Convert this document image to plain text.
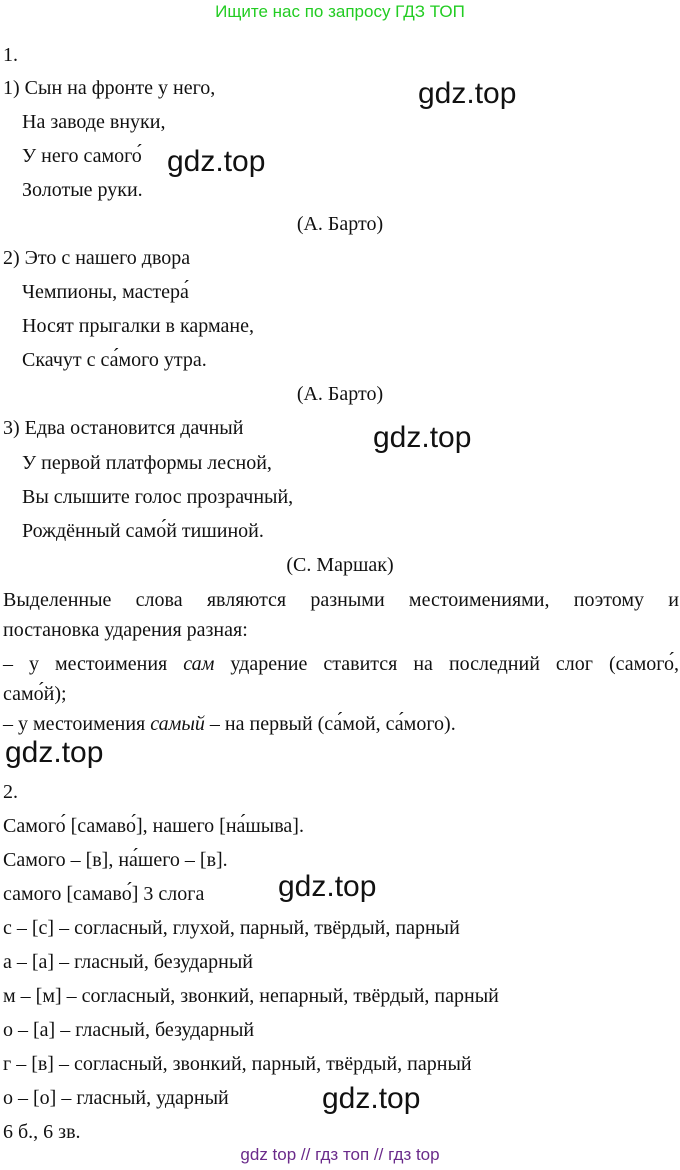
Ищите нас по запросу ГДЗ ТОП
1.
1) Сын на фронте у него,
На заводе внуки,
У него самого́
Золотые руки.
(А. Барто)
2) Это с нашего двора
Чемпионы, мастера́
Носят прыгалки в кармане,
Скачут с са́мого утра.
(А. Барто)
3) Едва остановится дачный
У первой платформы лесной,
Вы слышите голос прозрачный,
Рождённый само́й тишиной.
(С. Маршак)
Выделенные слова являются разными местоимениями, поэтому и
постановка ударения разная:
– у местоимения сам ударение ставится на последний слог (самого́,
само́й);
– у местоимения самый – на первый (са́мой, са́мого).
2.
Самого́ [самаво́], нашего [на́шыва].
Самого – [в], на́шего – [в].
самого [самаво́] 3 слога
с – [с] – согласный, глухой, парный, твёрдый, парный
а – [а] – гласный, безударный
м – [м] – согласный, звонкий, непарный, твёрдый, парный
о – [а] – гласный, безударный
г – [в] – согласный, звонкий, парный, твёрдый, парный
о – [о] – гласный, ударный
6 б., 6 зв.
gdz.top
gdz.top
gdz.top
gdz.top
gdz.top
gdz.top
gdz top // гдз топ // гдз top
